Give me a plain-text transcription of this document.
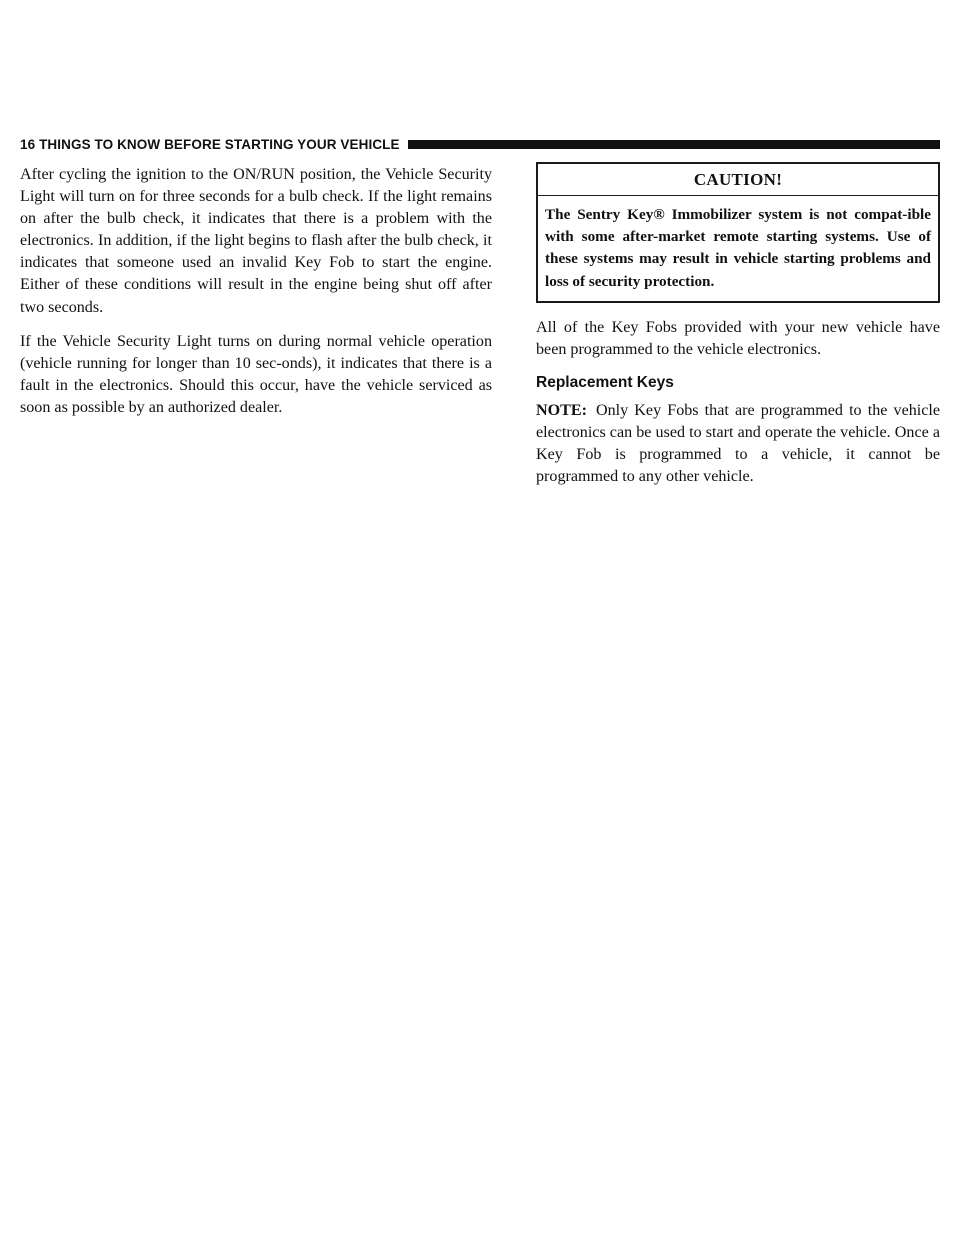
16 THINGS TO KNOW BEFORE STARTING YOUR VEHICLE

After cycling the ignition to the ON/RUN position, the Vehicle Security Light will turn on for three seconds for a bulb check. If the light remains on after the bulb check, it indicates that there is a problem with the electronics. In addition, if the light begins to flash after the bulb check, it indicates that someone used an invalid Key Fob to start the engine. Either of these conditions will result in the engine being shut off after two seconds.

If the Vehicle Security Light turns on during normal vehicle operation (vehicle running for longer than 10 sec-onds), it indicates that there is a fault in the electronics. Should this occur, have the vehicle serviced as soon as possible by an authorized dealer.

CAUTION!
The Sentry Key® Immobilizer system is not compat-ible with some after-market remote starting systems. Use of these systems may result in vehicle starting problems and loss of security protection.

All of the Key Fobs provided with your new vehicle have been programmed to the vehicle electronics.

Replacement Keys

NOTE: Only Key Fobs that are programmed to the vehicle electronics can be used to start and operate the vehicle. Once a Key Fob is programmed to a vehicle, it cannot be programmed to any other vehicle.
